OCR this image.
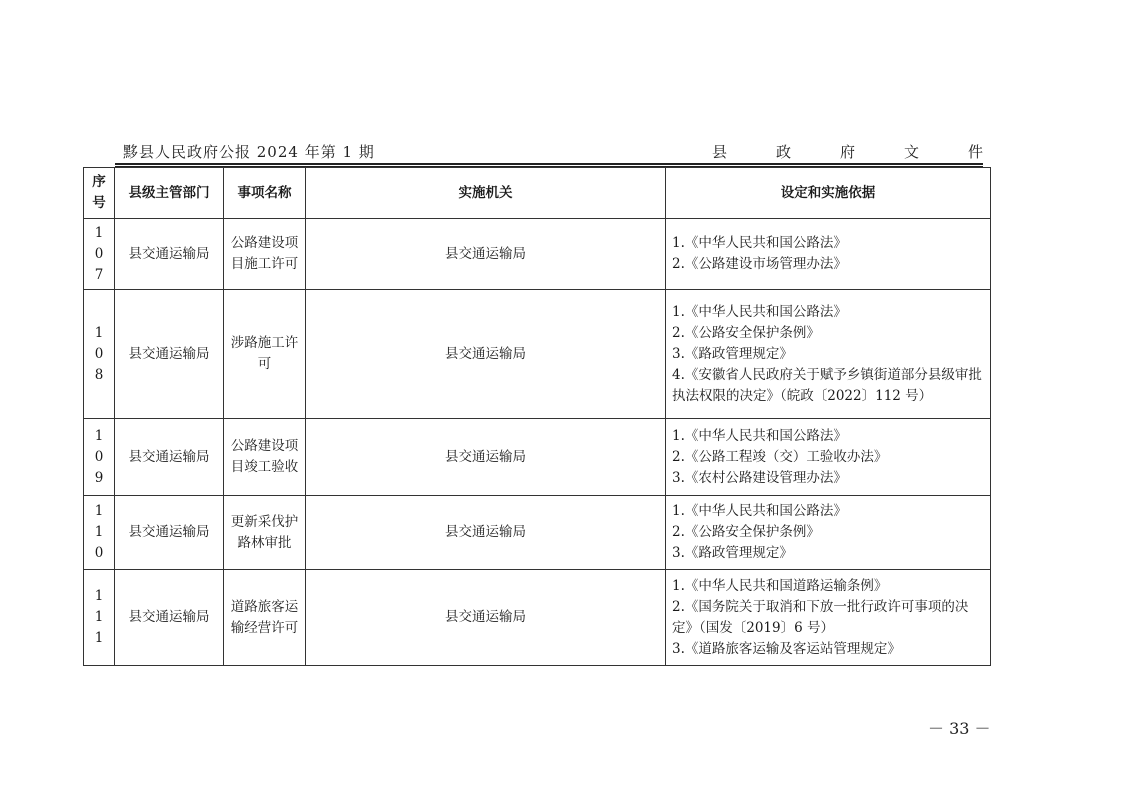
黟县人民政府公报 2024 年第 1 期	县	政	府	文	件
序号	县级主管部门	事项名称	实施机关	设定和实施依据
107	县交通运输局	公路建设项目施工许可	县交通运输局	1.《中华人民共和国公路法》
2.《公路建设市场管理办法》

108	县交通运输局	涉路施工许可	县交通运输局	1.《中华人民共和国公路法》
2.《公路安全保护条例》
3.《路政管理规定》
4.《安徽省人民政府关于赋予乡镇街道部分县级审批执法权限的决定》（皖政〔2022〕112 号）

109	县交通运输局	公路建设项目竣工验收	县交通运输局	1.《中华人民共和国公路法》
2.《公路工程竣（交）工验收办法》
3.《农村公路建设管理办法》

110	县交通运输局	更新采伐护路林审批	县交通运输局	1.《中华人民共和国公路法》
2.《公路安全保护条例》
3.《路政管理规定》

111	县交通运输局	道路旅客运输经营许可	县交通运输局	1.《中华人民共和国道路运输条例》
2.《国务院关于取消和下放一批行政许可事项的决定》（国发〔2019〕6 号）
3.《道路旅客运输及客运站管理规定》
－ 33 －
